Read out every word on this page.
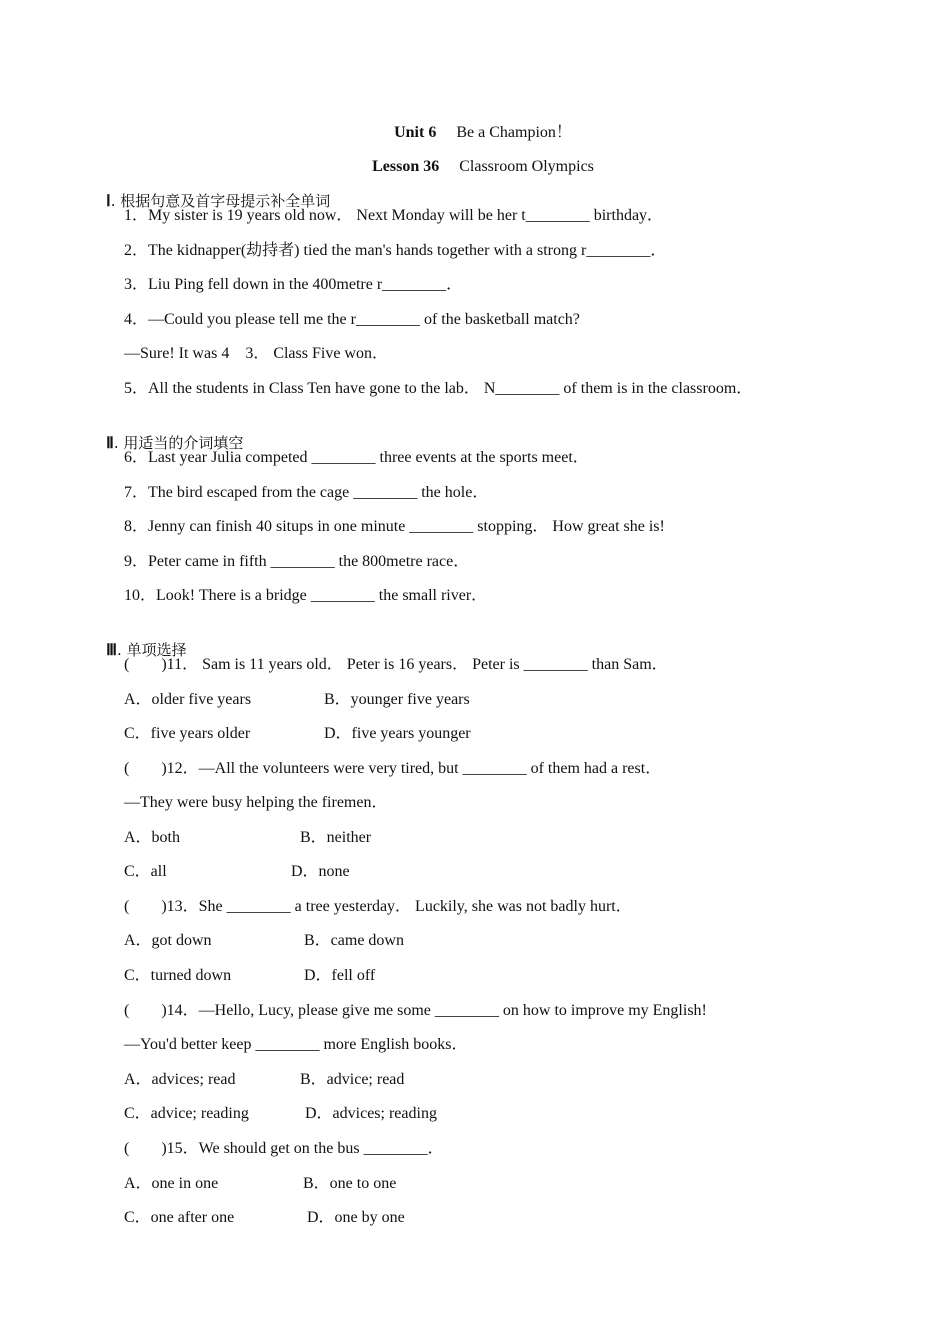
Unit 6　 Be a Champion！

Lesson 36　 Classroom Olympics

Ⅰ. 根据句意及首字母提示补全单词

1．My sister is 19 years old now． Next Monday will be her t________ birthday．
2．The kidnapper(劫持者) tied the man's hands together with a strong r________．
3．Liu Ping fell down in the 400metre r________．
4．—Could you please tell me the r________ of the basketball match?
—Sure! It was 4　3． Class Five won．
5．All the students in Class Ten have gone to the lab． N________ of them is in the classroom．

Ⅱ. 用适当的介词填空

6．Last year Julia competed ________ three events at the sports meet．
7．The bird escaped from the cage ________ the hole．
8．Jenny can finish 40 situps in one minute ________ stopping． How great she is!
9．Peter came in fifth ________ the 800metre race．
10．Look! There is a bridge ________ the small river．

Ⅲ. 单项选择

(　　)11． Sam is 11 years old． Peter is 16 years． Peter is ________ than Sam．
A．older five years	B．younger five years
C．five years older	D．five years younger
(　　)12．—All the volunteers were very tired, but ________ of them had a rest．
—They were busy helping the firemen．
A．both	B．neither
C．all	D．none
(　　)13．She ________ a tree yesterday． Luckily, she was not badly hurt．
A．got down	B．came down
C．turned down	D．fell off
(　　)14．—Hello, Lucy, please give me some ________ on how to improve my English!
—You'd better keep ________ more English books．
A．advices; read	B．advice; read
C．advice; reading	D．advices; reading
(　　)15．We should get on the bus ________．
A．one in one	B．one to one
C．one after one	D．one by one
